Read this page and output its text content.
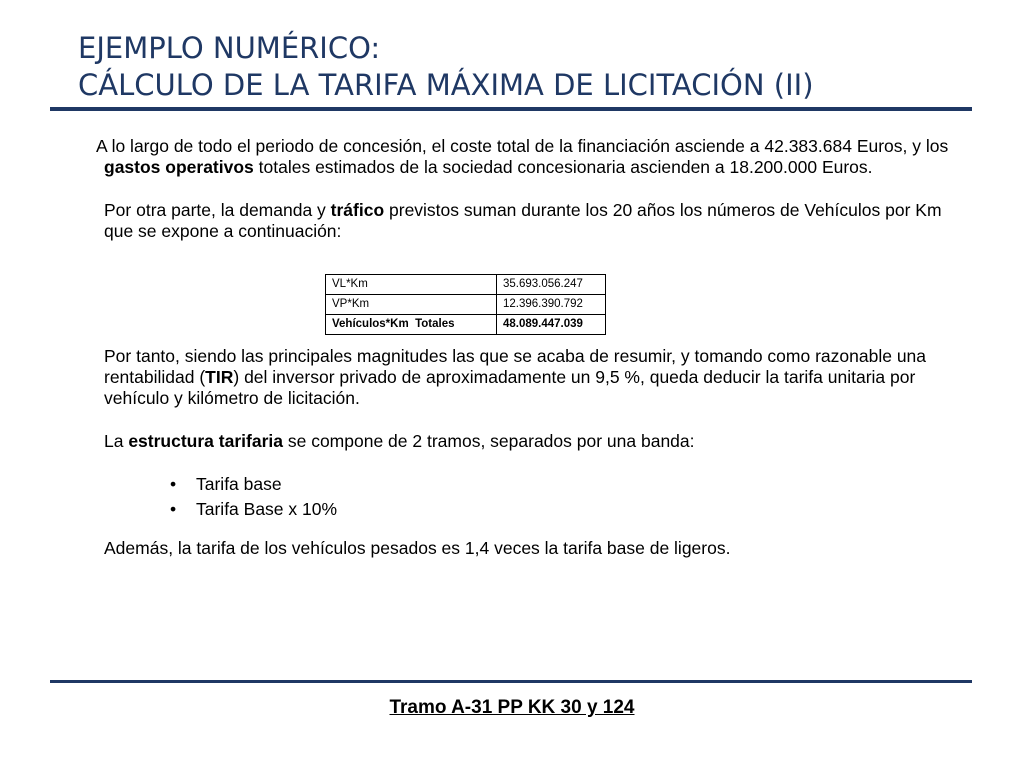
EJEMPLO NUMÉRICO:
CÁLCULO DE LA TARIFA MÁXIMA DE LICITACIÓN (II)

A lo largo de todo el periodo de concesión, el coste total de la financiación asciende a 42.383.684 Euros, y los gastos operativos totales estimados de la sociedad concesionaria ascienden a 18.200.000 Euros.

Por otra parte, la demanda y tráfico previstos suman durante los 20 años los números de Vehículos por Km que se expone a continuación:

Por tanto, siendo las principales magnitudes las que se acaba de resumir, y tomando como razonable una rentabilidad (TIR) del inversor privado de aproximadamente un 9,5 %, queda deducir la tarifa unitaria por vehículo y kilómetro de licitación.

La estructura tarifaria se compone de 2 tramos, separados por una banda:

• Tarifa base
• Tarifa Base x 10%

Además, la tarifa de los vehículos pesados es 1,4 veces la tarifa base de ligeros.

VL*Km	35.693.056.247
VP*Km	12.396.390.792
Vehículos*Km  Totales	48.089.447.039
Tramo A-31 PP KK 30 y 124
